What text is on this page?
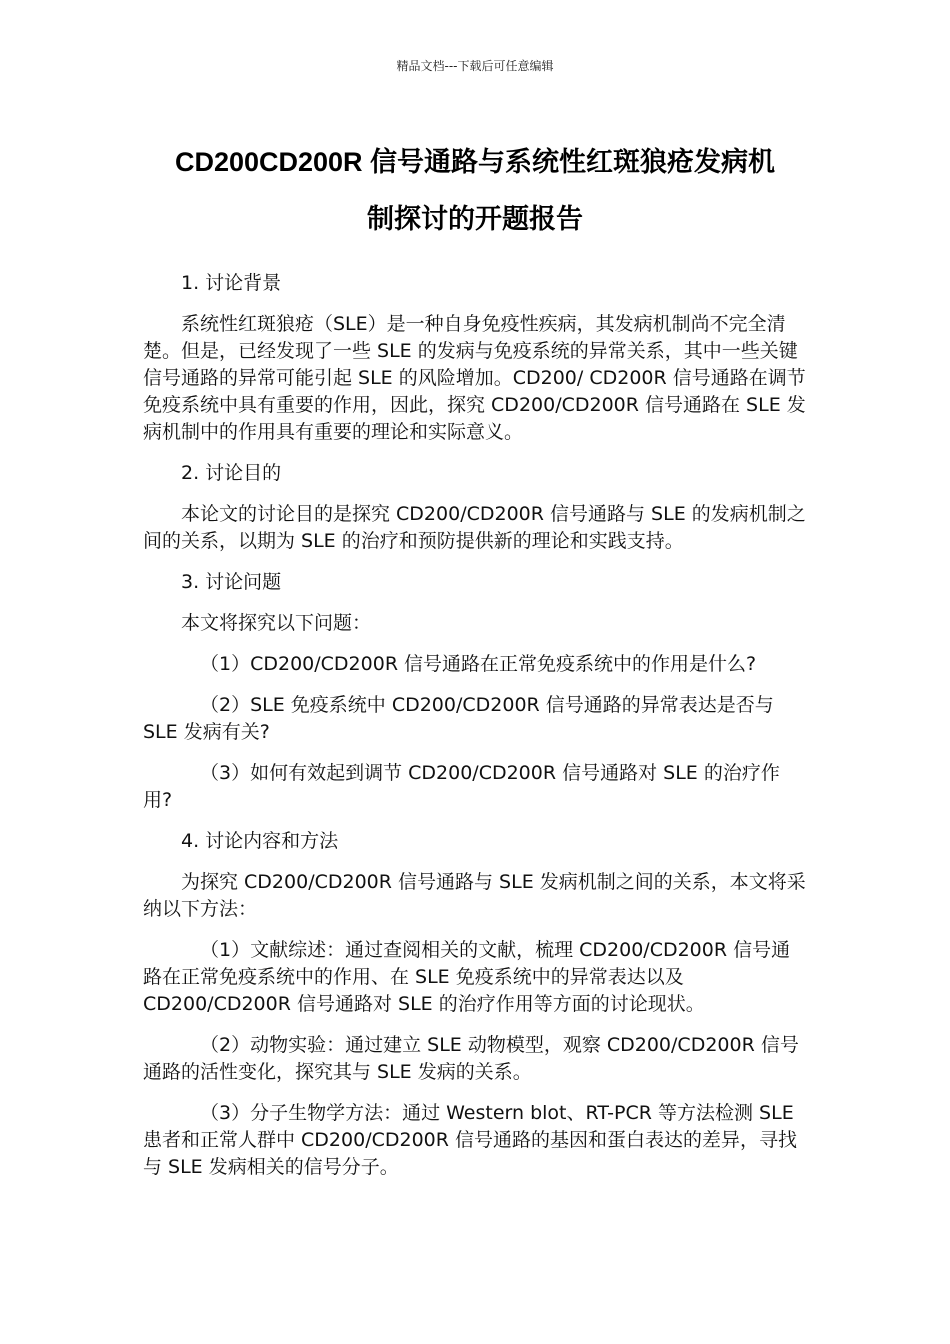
精品文档---下载后可任意编辑
CD200CD200R 信号通路与系统性红斑狼疮发病机
制探讨的开题报告

1. 讨论背景

系统性红斑狼疮（SLE）是一种自身免疫性疾病，其发病机制尚不完全清楚。但是，已经发现了一些 SLE 的发病与免疫系统的异常关系，其中一些关键信号通路的异常可能引起 SLE 的风险增加。CD200/ CD200R 信号通路在调节免疫系统中具有重要的作用，因此，探究 CD200/CD200R 信号通路在 SLE 发病机制中的作用具有重要的理论和实际意义。

2. 讨论目的

本论文的讨论目的是探究 CD200/CD200R 信号通路与 SLE 的发病机制之间的关系，以期为 SLE 的治疗和预防提供新的理论和实践支持。

3. 讨论问题

本文将探究以下问题：

（1）CD200/CD200R 信号通路在正常免疫系统中的作用是什么?

（2）SLE 免疫系统中 CD200/CD200R 信号通路的异常表达是否与 SLE 发病有关?

（3）如何有效起到调节 CD200/CD200R 信号通路对 SLE 的治疗作用?

4. 讨论内容和方法

为探究 CD200/CD200R 信号通路与 SLE 发病机制之间的关系，本文将采纳以下方法：

（1）文献综述：通过查阅相关的文献，梳理 CD200/CD200R 信号通路在正常免疫系统中的作用、在 SLE 免疫系统中的异常表达以及 CD200/CD200R 信号通路对 SLE 的治疗作用等方面的讨论现状。

（2）动物实验：通过建立 SLE 动物模型，观察 CD200/CD200R 信号通路的活性变化，探究其与 SLE 发病的关系。

（3）分子生物学方法：通过 Western blot、RT-PCR 等方法检测 SLE 患者和正常人群中 CD200/CD200R 信号通路的基因和蛋白表达的差异，寻找与 SLE 发病相关的信号分子。
